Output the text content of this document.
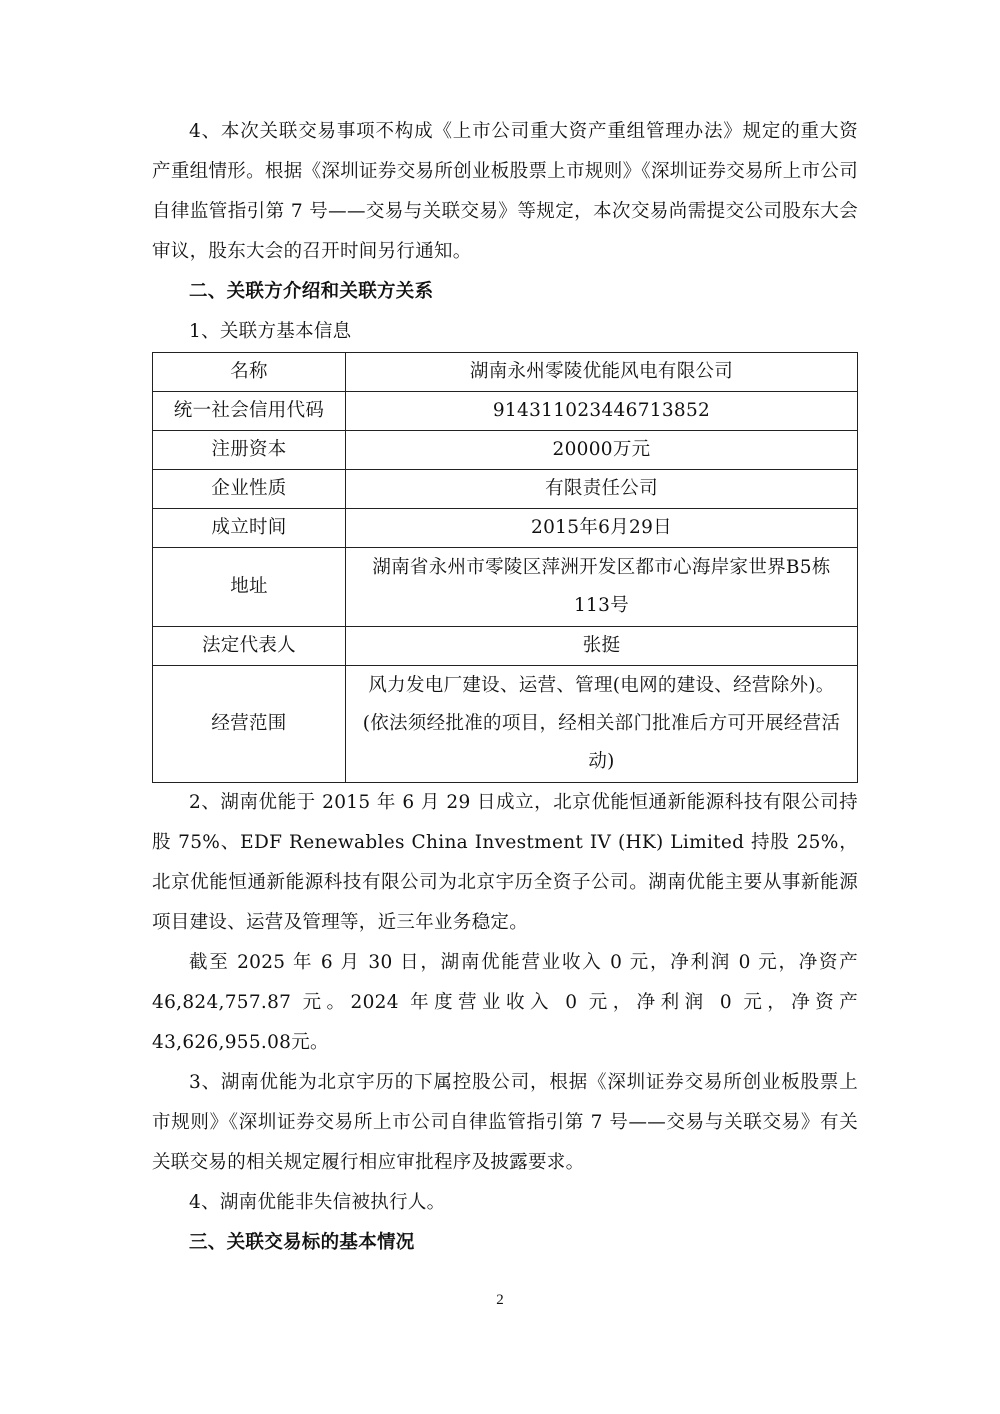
4、本次关联交易事项不构成《上市公司重大资产重组管理办法》规定的重大资产重组情形。根据《深圳证券交易所创业板股票上市规则》《深圳证券交易所上市公司自律监管指引第 7 号——交易与关联交易》等规定，本次交易尚需提交公司股东大会审议，股东大会的召开时间另行通知。

二、关联方介绍和关联方关系

1、关联方基本信息

名称	湖南永州零陵优能风电有限公司
统一社会信用代码	914311023446713852
注册资本	20000万元
企业性质	有限责任公司
成立时间	2015年6月29日
地址	湖南省永州市零陵区萍洲开发区都市心海岸家世界B5栋113号
法定代表人	张挺
经营范围	风力发电厂建设、运营、管理(电网的建设、经营除外)。(依法须经批准的项目，经相关部门批准后方可开展经营活动)

2、湖南优能于 2015 年 6 月 29 日成立，北京优能恒通新能源科技有限公司持股 75%、EDF Renewables China Investment IV (HK) Limited 持股 25%，北京优能恒通新能源科技有限公司为北京宇历全资子公司。湖南优能主要从事新能源项目建设、运营及管理等，近三年业务稳定。

截至 2025 年 6 月 30 日，湖南优能营业收入 0 元，净利润 0 元，净资产46,824,757.87 元。2024 年度营业收入 0 元，净利润 0 元，净资产 43,626,955.08元。

3、湖南优能为北京宇历的下属控股公司，根据《深圳证券交易所创业板股票上市规则》《深圳证券交易所上市公司自律监管指引第 7 号——交易与关联交易》有关关联交易的相关规定履行相应审批程序及披露要求。

4、湖南优能非失信被执行人。

三、关联交易标的基本情况

2
